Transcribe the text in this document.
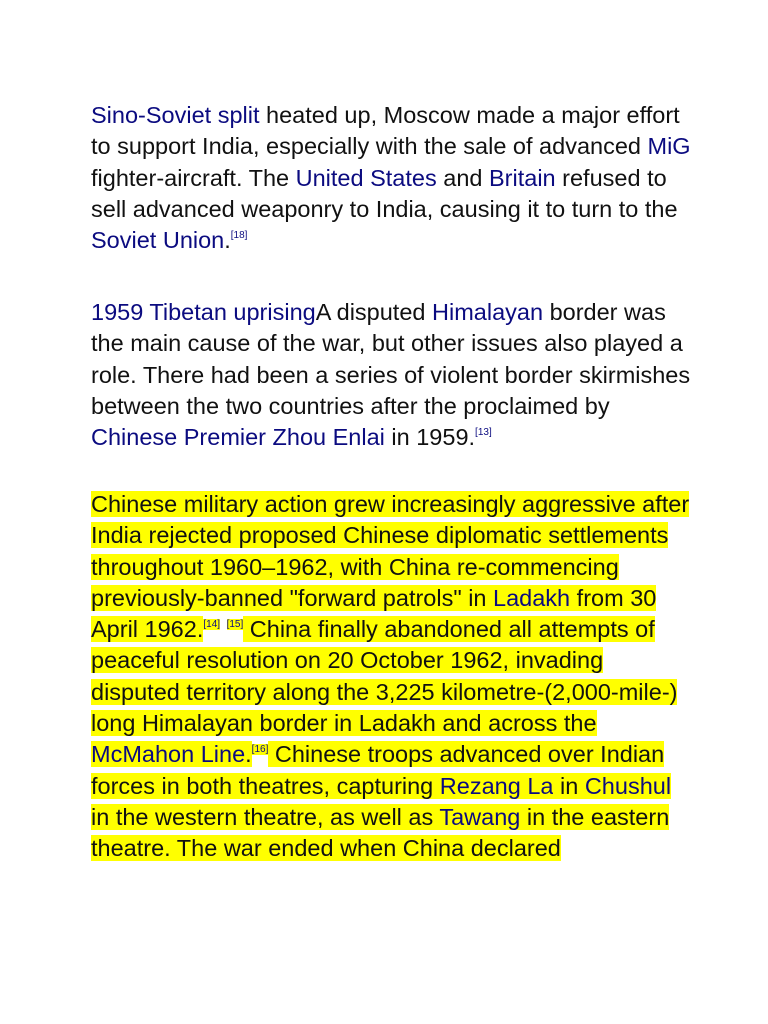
Sino-Soviet split heated up, Moscow made a major effort to support India, especially with the sale of advanced MiG fighter-aircraft. The United States and Britain refused to sell advanced weaponry to India, causing it to turn to the Soviet Union.[18]

1959 Tibetan uprisingA disputed Himalayan border was the main cause of the war, but other issues also played a role. There had been a series of violent border skirmishes between the two countries after the proclaimed by Chinese Premier Zhou Enlai in 1959.[13]

Chinese military action grew increasingly aggressive after India rejected proposed Chinese diplomatic settlements throughout 1960–1962, with China re-commencing previously-banned "forward patrols" in Ladakh from 30 April 1962.[14] [15] China finally abandoned all attempts of peaceful resolution on 20 October 1962, invading disputed territory along the 3,225 kilometre-(2,000-mile-) long Himalayan border in Ladakh and across the McMahon Line.[16] Chinese troops advanced over Indian forces in both theatres, capturing Rezang La in Chushul in the western theatre, as well as Tawang in the eastern theatre. The war ended when China declared
